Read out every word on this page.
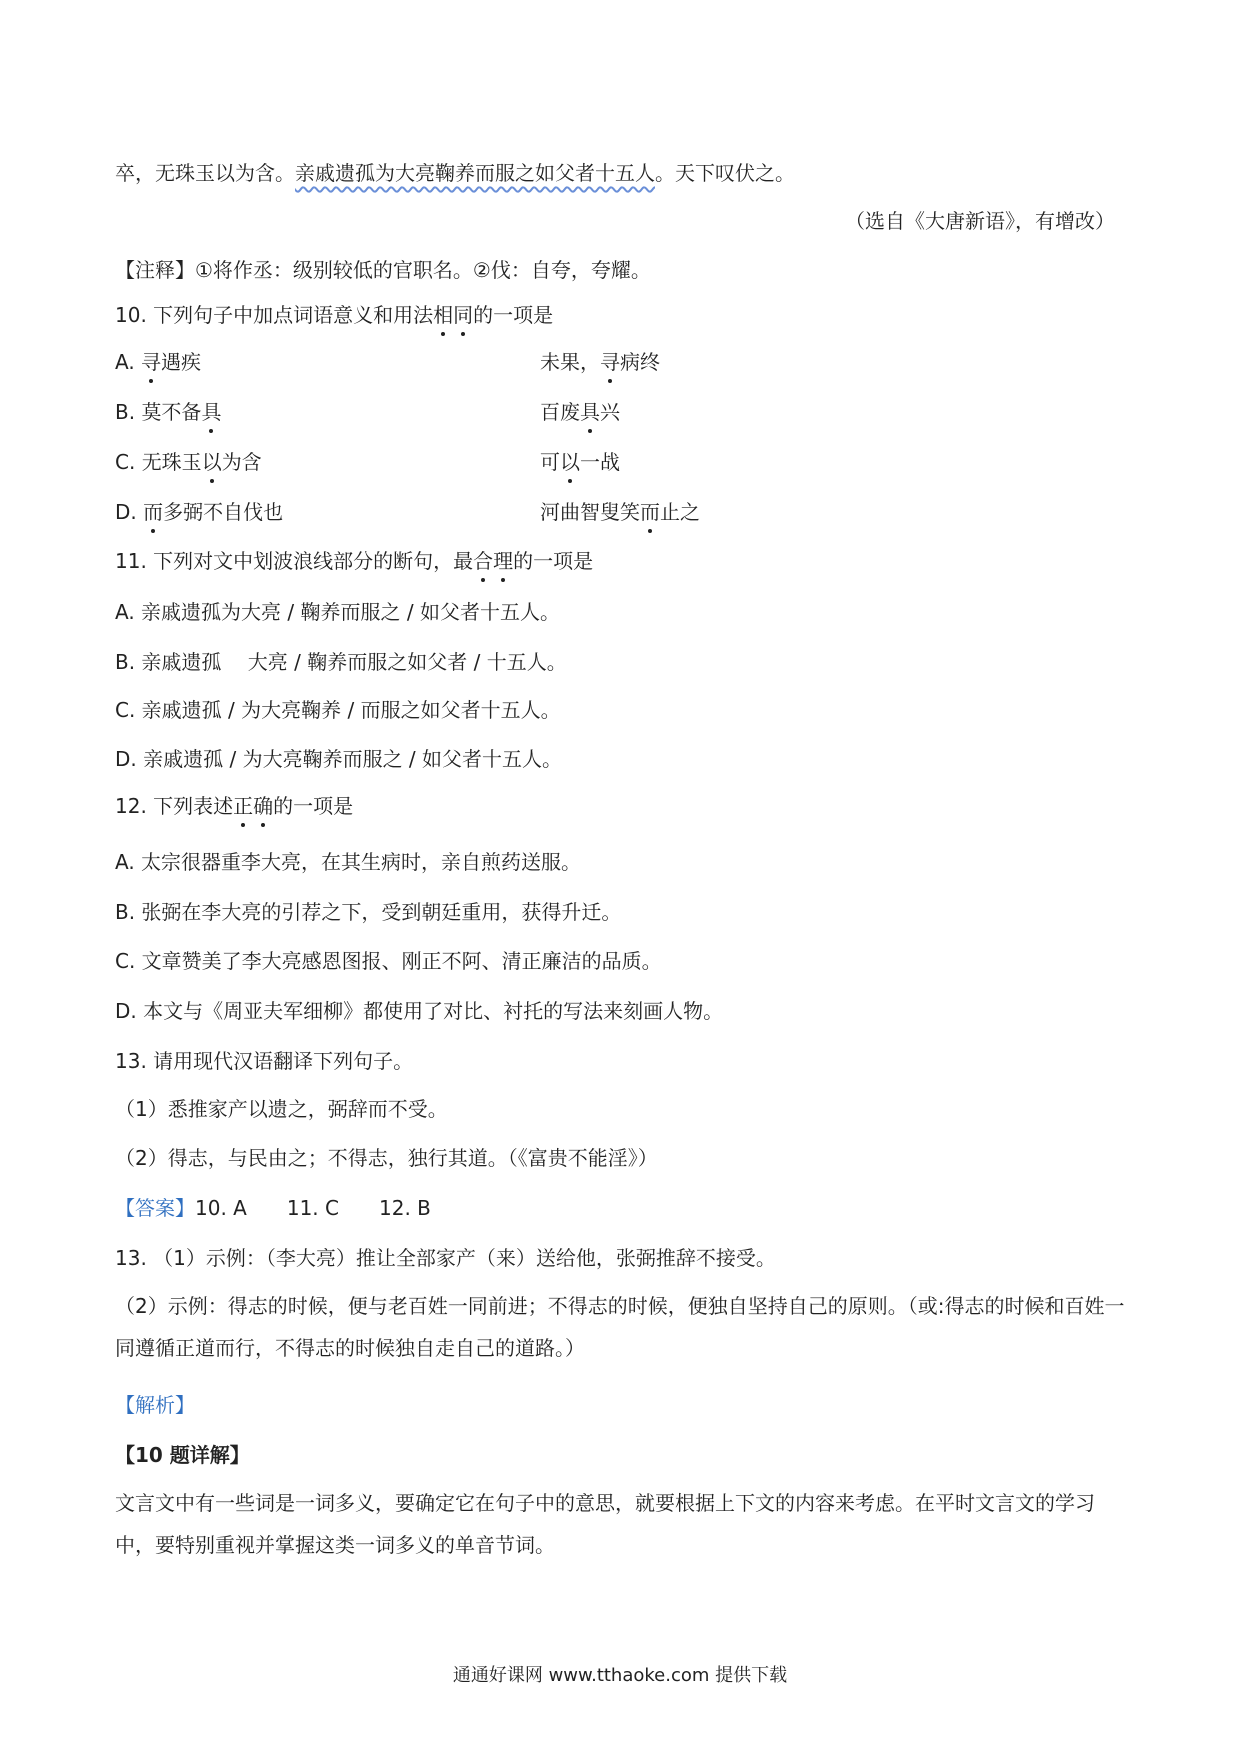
卒，无珠玉以为含。亲戚遗孤为大亮鞠养而服之如父者十五人。天下叹伏之。
（选自《大唐新语》，有增改）
【注释】①将作丞：级别较低的官职名。②伐：自夸，夸耀。
10. 下列句子中加点词语意义和用法相同的一项是
A. 寻遇疾	未果，寻病终
B. 莫不备具	百废具兴
C. 无珠玉以为含	可以一战
D. 而多弼不自伐也	河曲智叟笑而止之
11. 下列对文中划波浪线部分的断句，最合理的一项是
A. 亲戚遗孤为大亮 / 鞠养而服之 / 如父者十五人。
B. 亲戚遗孤　 大亮 / 鞠养而服之如父者 / 十五人。
C. 亲戚遗孤 / 为大亮鞠养 / 而服之如父者十五人。
D. 亲戚遗孤 / 为大亮鞠养而服之 / 如父者十五人。
12. 下列表述正确的一项是
A. 太宗很器重李大亮，在其生病时，亲自煎药送服。
B. 张弼在李大亮的引荐之下，受到朝廷重用，获得升迁。
C. 文章赞美了李大亮感恩图报、刚正不阿、清正廉洁的品质。
D. 本文与《周亚夫军细柳》都使用了对比、衬托的写法来刻画人物。
13. 请用现代汉语翻译下列句子。
（1）悉推家产以遗之，弼辞而不受。
（2）得志，与民由之；不得志，独行其道。（《富贵不能淫》）
【答案】10. A 11. C 12. B
13. （1）示例：（李大亮）推让全部家产（来）送给他，张弼推辞不接受。
（2）示例：得志的时候，便与老百姓一同前进；不得志的时候，便独自坚持自己的原则。（或:得志的时候和百姓一同遵循正道而行，不得志的时候独自走自己的道路。）
【解析】
【10 题详解】
文言文中有一些词是一词多义，要确定它在句子中的意思，就要根据上下文的内容来考虑。在平时文言文的学习中，要特别重视并掌握这类一词多义的单音节词。
通通好课网 www.tthaoke.com 提供下载
